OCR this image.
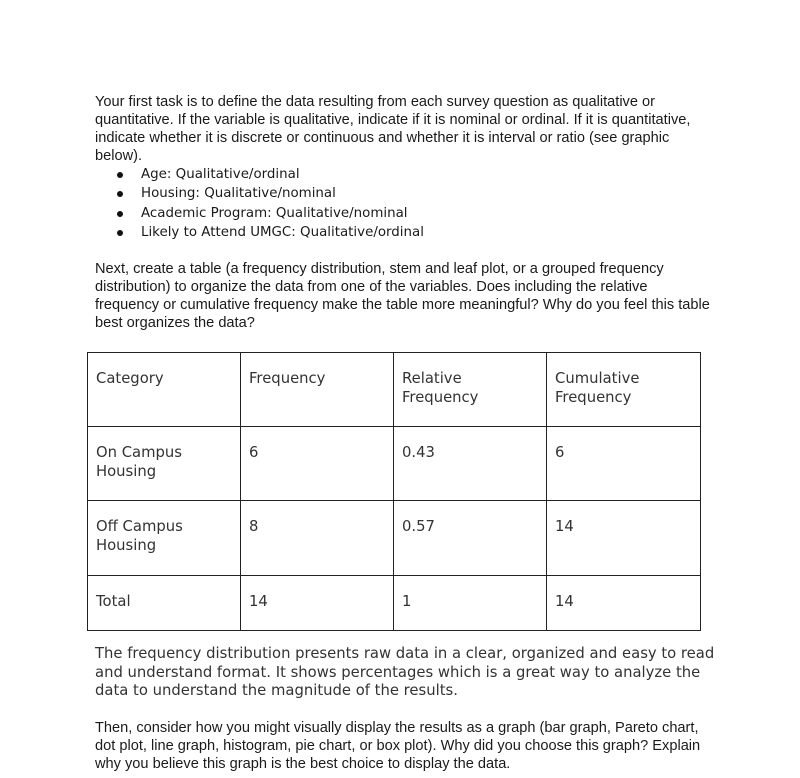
Your first task is to define the data resulting from each survey question as qualitative or quantitative. If the variable is qualitative, indicate if it is nominal or ordinal. If it is quantitative, indicate whether it is discrete or continuous and whether it is interval or ratio (see graphic below).

Age: Qualitative/ordinal
Housing: Qualitative/nominal
Academic Program: Qualitative/nominal
Likely to Attend UMGC: Qualitative/ordinal

Next, create a table (a frequency distribution, stem and leaf plot, or a grouped frequency distribution) to organize the data from one of the variables. Does including the relative frequency or cumulative frequency make the table more meaningful? Why do you feel this table best organizes the data?

Category	Frequency	Relative Frequency	Cumulative Frequency
On Campus Housing	6	0.43	6
Off Campus Housing	8	0.57	14
Total	14	1	14

The frequency distribution presents raw data in a clear, organized and easy to read and understand format. It shows percentages which is a great way to analyze the data to understand the magnitude of the results.

Then, consider how you might visually display the results as a graph (bar graph, Pareto chart, dot plot, line graph, histogram, pie chart, or box plot). Why did you choose this graph? Explain why you believe this graph is the best choice to display the data.
